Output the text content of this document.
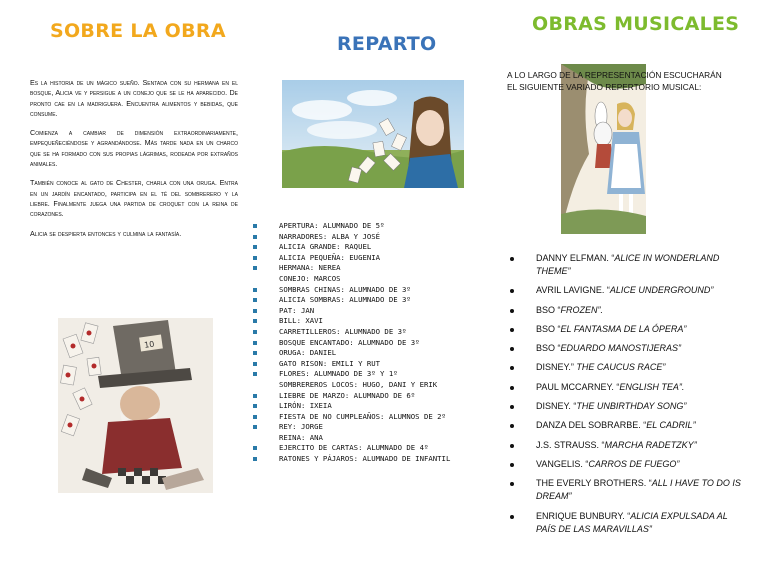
SOBRE LA OBRA
REPARTO
OBRAS MUSICALES

Es la historia de un mágico sueño. Sentada con su hermana en el bosque, Alicia ve y persigue a un conejo que se le ha aparecido. De pronto cae en la madriguera. Encuentra alimentos y bebidas, que consume.

Comienza a cambiar de dimensión extraordinariamente, empequeñeciéndose y agrandándose. Más tarde nada en un charco que se ha formado con sus propias lágrimas, rodeada por extraños animales.

También conoce al gato de Chester, charla con una oruga. Entra en un jardín encantado, participa en el té del sombrerero y la liebre. Finalmente juega una partida de croquet con la reina de corazones.

Alicia se despierta entonces y culmina la fantasía.

10
APERTURA: ALUMNADO DE 5º
NARRADORES: ALBA Y JOSÉ
ALICIA GRANDE: RAQUEL
ALICIA PEQUEÑA: EUGENIA
HERMANA: NEREA
CONEJO: MARCOS
SOMBRAS CHINAS: ALUMNADO DE 3º
ALICIA SOMBRAS: ALUMNADO DE 3º
PAT: JAN
BILL: XAVI
CARRETILLEROS: ALUMNADO DE 3º
BOSQUE ENCANTADO: ALUMNADO DE 3º
ORUGA: DANIEL
GATO RISON: EMILI Y RUT
FLORES: ALUMNADO DE 3º Y 1º
SOMBREREROS LOCOS: HUGO, DANI Y ERIK
LIEBRE DE MARZO: ALUMNADO DE 6º
LIRÓN: IXEIA
FIESTA DE NO CUMPLEAÑOS: ALUMNOS DE 2º
REY: JORGE
REINA: ANA
EJERCITO DE CARTAS: ALUMNADO DE 4º
RATONES Y PÁJAROS: ALUMNADO DE INFANTIL
A LO LARGO DE LA REPRESENTACIÓN ESCUCHARÁN EL SIGUIENTE VARIADO REPERTORIO MUSICAL:
DANNY ELFMAN. “ALICE IN WONDERLAND THEME”
AVRIL LAVIGNE. “ALICE UNDERGROUND”
BSO “FROZEN”.
BSO “EL FANTASMA DE LA ÓPERA”
BSO “EDUARDO MANOSTIJERAS”
DISNEY.” THE CAUCUS RACE”
PAUL MCCARNEY. “ENGLISH TEA”.
DISNEY. “THE UNBIRTHDAY SONG”
DANZA DEL SOBRARBE. “EL CADRIL”
J.S. STRAUSS. “MARCHA RADETZKY”
VANGELIS. “CARROS DE FUEGO”
THE EVERLY BROTHERS. “ALL I HAVE TO DO IS DREAM”
ENRIQUE BUNBURY. “ALICIA EXPULSADA AL PAÍS DE LAS MARAVILLAS”
